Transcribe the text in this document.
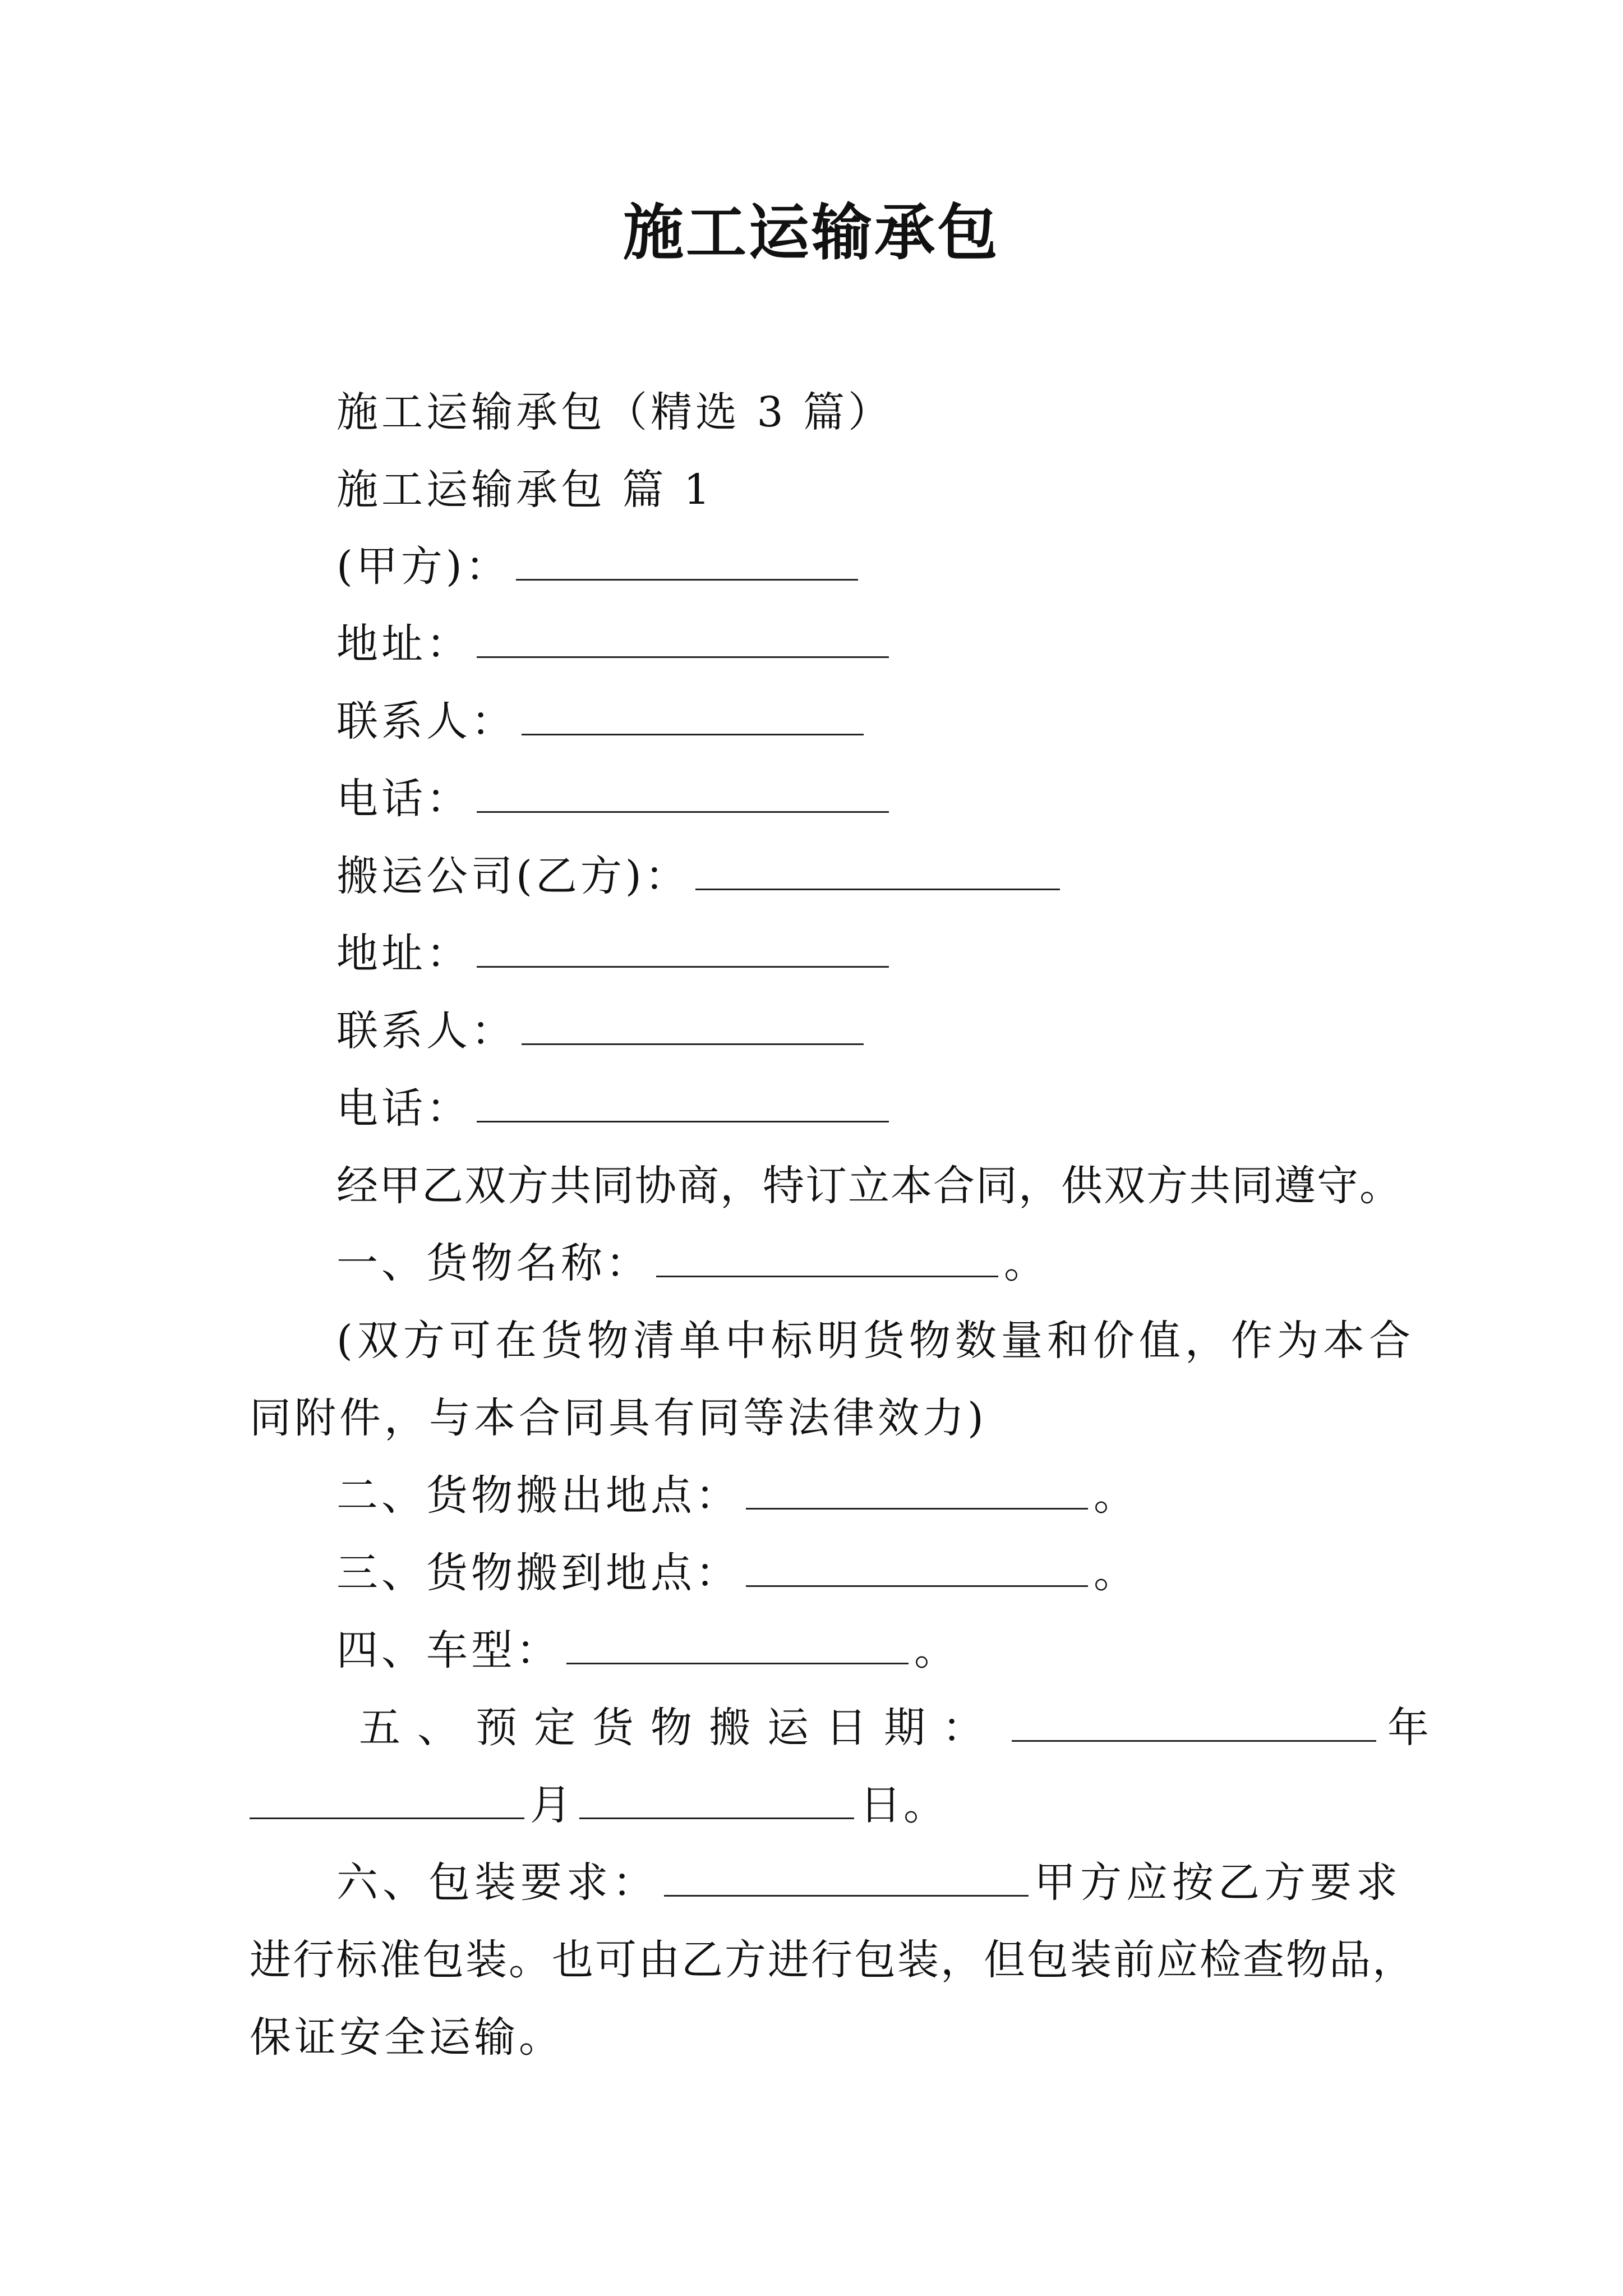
施工运输承包
施工运输承包（精选 3 篇）
施工运输承包 篇 1
(甲方)：
地址：
联系人：
电话：
搬运公司(乙方)：
地址：
联系人：
电话：
经甲乙双方共同协商，特订立本合同，供双方共同遵守。
一、货物名称：	。
(双方可在货物清单中标明货物数量和价值，作为本合
同附件，与本合同具有同等法律效力)
二、货物搬出地点：	。
三、货物搬到地点：	。
四、车型：	。
五、预定货物搬运日期：	年
月	日。
六、包装要求：	甲方应按乙方要求
进行标准包装。也可由乙方进行包装，但包装前应检查物品，
保证安全运输。
